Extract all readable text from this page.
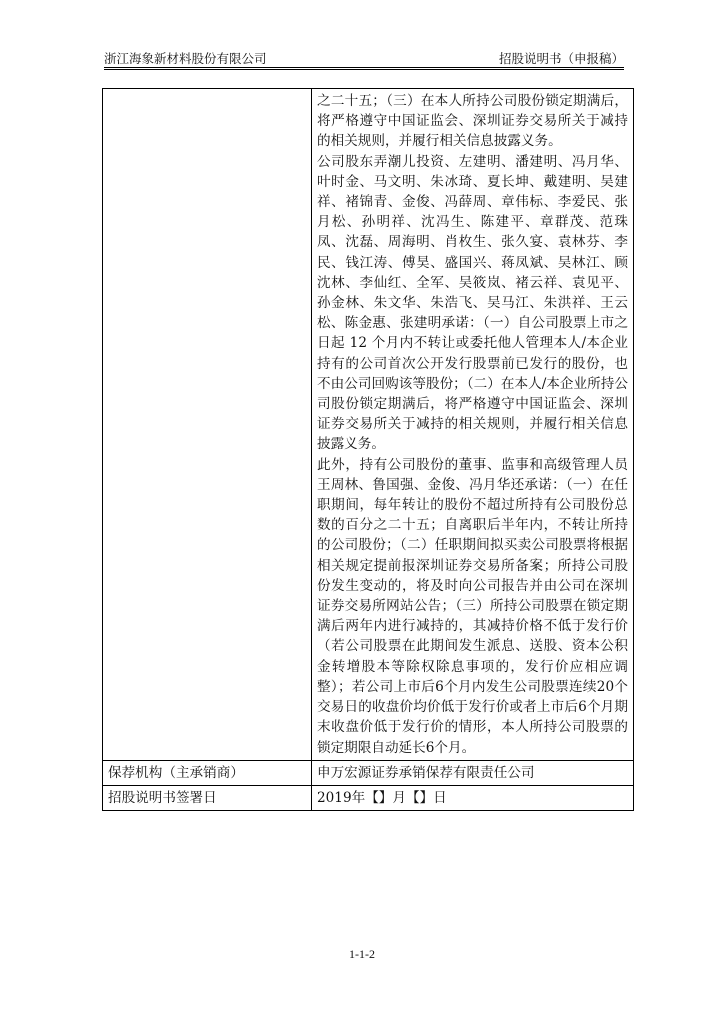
浙江海象新材料股份有限公司	招股说明书（申报稿）

	之二十五；（三）在本人所持公司股份锁定期满后，将严格遵守中国证监会、深圳证券交易所关于减持的相关规则，并履行相关信息披露义务。

公司股东弄潮儿投资、左建明、潘建明、冯月华、叶时金、马文明、朱冰琦、夏长坤、戴建明、吴建祥、褚锦青、金俊、冯薛周、章伟标、李爱民、张月松、孙明祥、沈冯生、陈建平、章群茂、范珠凤、沈磊、周海明、肖枚生、张久宴、袁林芬、李民、钱江涛、傅昊、盛国兴、蒋凤斌、吴林江、顾沈林、李仙红、全军、吴筱岚、褚云祥、袁见平、孙金林、朱文华、朱浩飞、吴马江、朱洪祥、王云松、陈金惠、张建明承诺：（一）自公司股票上市之日起 12 个月内不转让或委托他人管理本人/本企业持有的公司首次公开发行股票前已发行的股份，也不由公司回购该等股份；（二）在本人/本企业所持公司股份锁定期满后，将严格遵守中国证监会、深圳证券交易所关于减持的相关规则，并履行相关信息披露义务。

此外，持有公司股份的董事、监事和高级管理人员王周林、鲁国强、金俊、冯月华还承诺：（一）在任职期间，每年转让的股份不超过所持有公司股份总数的百分之二十五；自离职后半年内，不转让所持的公司股份；（二）任职期间拟买卖公司股票将根据相关规定提前报深圳证券交易所备案；所持公司股份发生变动的，将及时向公司报告并由公司在深圳证券交易所网站公告；（三）所持公司股票在锁定期满后两年内进行减持的，其减持价格不低于发行价（若公司股票在此期间发生派息、送股、资本公积金转增股本等除权除息事项的，发行价应相应调整）；若公司上市后6个月内发生公司股票连续20个交易日的收盘价均价低于发行价或者上市后6个月期末收盘价低于发行价的情形，本人所持公司股票的锁定期限自动延长6个月。

保荐机构（主承销商）	申万宏源证券承销保荐有限责任公司
招股说明书签署日	2019年【】月【】日
1-1-2
